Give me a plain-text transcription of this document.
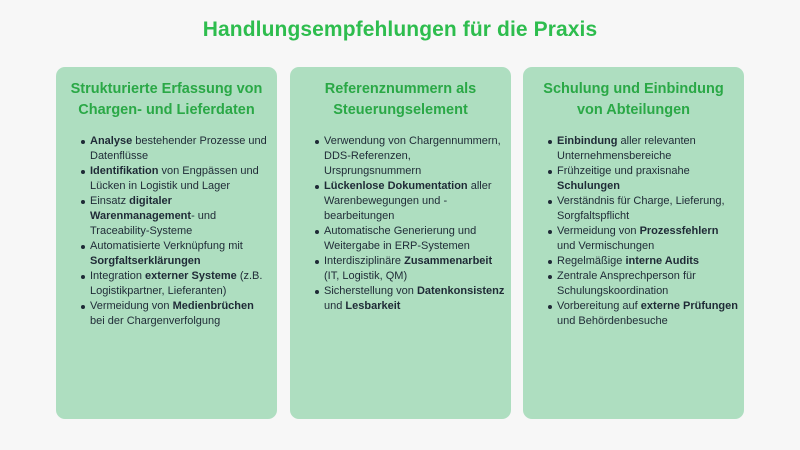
Handlungsempfehlungen für die Praxis
Strukturierte Erfassung von Chargen- und Lieferdaten
Analyse bestehender Prozesse und Datenflüsse
Identifikation von Engpässen und Lücken in Logistik und Lager
Einsatz digitaler Warenmanagement- und Traceability-Systeme
Automatisierte Verknüpfung mit Sorgfaltserklärungen
Integration externer Systeme (z.B. Logistikpartner, Lieferanten)
Vermeidung von Medienbrüchen bei der Chargenverfolgung
Referenznummern als Steuerungselement
Verwendung von Chargennummern, DDS-Referenzen, Ursprungsnummern
Lückenlose Dokumentation aller Warenbewegungen und -bearbeitungen
Automatische Generierung und Weitergabe in ERP-Systemen
Interdisziplinäre Zusammenarbeit (IT, Logistik, QM)
Sicherstellung von Datenkonsistenz und Lesbarkeit
Schulung und Einbindung von Abteilungen
Einbindung aller relevanten Unternehmensbereiche
Frühzeitige und praxisnahe Schulungen
Verständnis für Charge, Lieferung, Sorgfaltspflicht
Vermeidung von Prozessfehlern und Vermischungen
Regelmäßige interne Audits
Zentrale Ansprechperson für Schulungskoordination
Vorbereitung auf externe Prüfungen und Behördenbesuche
